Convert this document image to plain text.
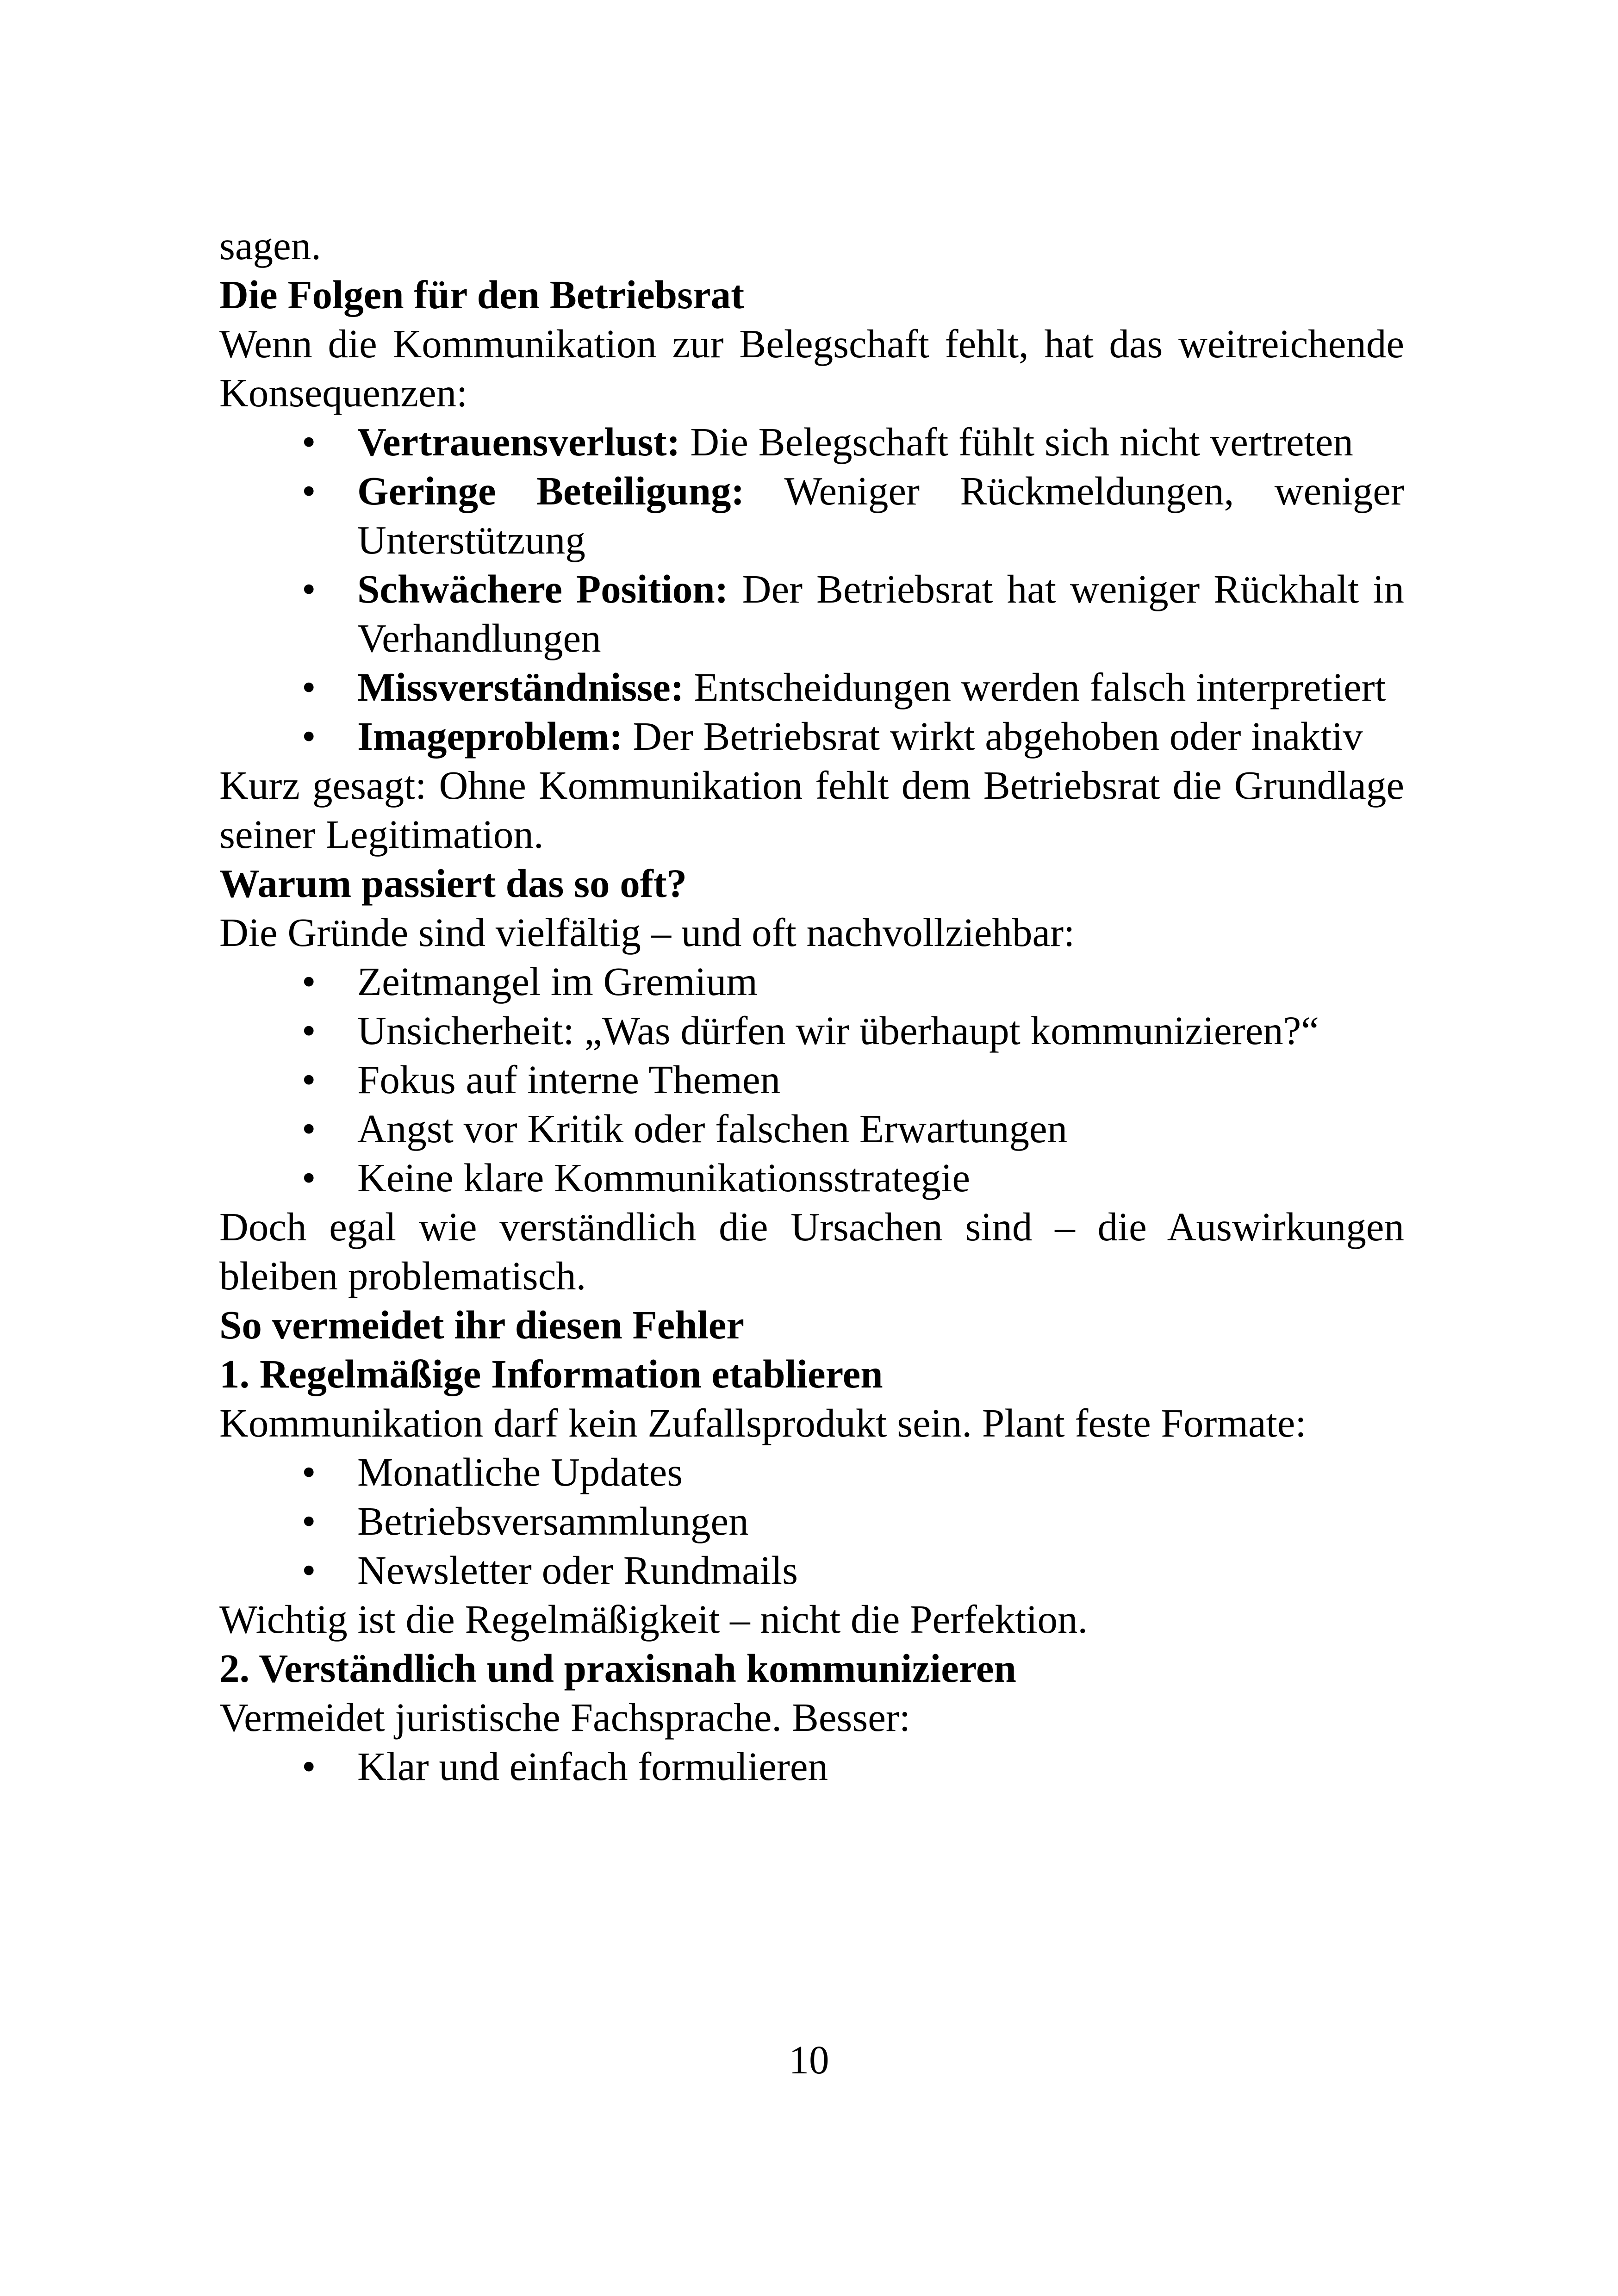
sagen.

Die Folgen für den Betriebsrat

Wenn die Kommunikation zur Belegschaft fehlt, hat das weitreichende Konsequenzen:

• Vertrauensverlust: Die Belegschaft fühlt sich nicht vertreten
• Geringe Beteiligung: Weniger Rückmeldungen, weniger Unterstützung
• Schwächere Position: Der Betriebsrat hat weniger Rückhalt in Verhandlungen
• Missverständnisse: Entscheidungen werden falsch interpretiert
• Imageproblem: Der Betriebsrat wirkt abgehoben oder inaktiv

Kurz gesagt: Ohne Kommunikation fehlt dem Betriebsrat die Grundlage seiner Legitimation.

Warum passiert das so oft?

Die Gründe sind vielfältig – und oft nachvollziehbar:

• Zeitmangel im Gremium
• Unsicherheit: „Was dürfen wir überhaupt kommunizieren?“
• Fokus auf interne Themen
• Angst vor Kritik oder falschen Erwartungen
• Keine klare Kommunikationsstrategie

Doch egal wie verständlich die Ursachen sind – die Auswirkungen bleiben problematisch.

So vermeidet ihr diesen Fehler
1. Regelmäßige Information etablieren

Kommunikation darf kein Zufallsprodukt sein. Plant feste Formate:

• Monatliche Updates
• Betriebsversammlungen
• Newsletter oder Rundmails

Wichtig ist die Regelmäßigkeit – nicht die Perfektion.

2. Verständlich und praxisnah kommunizieren

Vermeidet juristische Fachsprache. Besser:

• Klar und einfach formulieren
10
